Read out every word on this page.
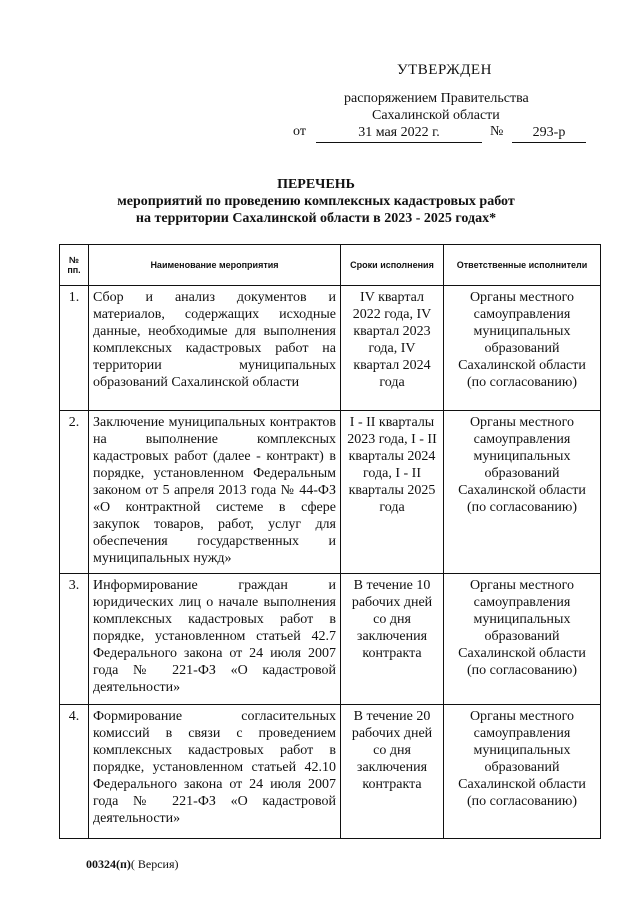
УТВЕРЖДЕН
распоряжением Правительства
Сахалинской области
от	31 мая 2022 г.	№	293-р
ПЕРЕЧЕНЬ
мероприятий по проведению комплексных кадастровых работ
на территории Сахалинской области в 2023 - 2025 годах*
№ пп.	Наименование мероприятия	Сроки исполнения	Ответственные исполнители
1.	Сбор и анализ документов и материалов, содержащих исходные данные, необходимые для выполнения комплексных кадастровых работ на территории муниципальных образований Сахалинской области	IV квартал 2022 года, IV квартал 2023 года, IV квартал 2024 года	Органы местного самоуправления муниципальных образований Сахалинской области (по согласованию)
2.	Заключение муниципальных контрактов на выполнение комплексных кадастровых работ (далее - контракт) в порядке, установленном Федеральным законом от 5 апреля 2013 года № 44-ФЗ «О контрактной системе в сфере закупок товаров, работ, услуг для обеспечения государственных и муниципальных нужд»	I - II кварталы 2023 года, I - II кварталы 2024 года, I - II кварталы 2025 года	Органы местного самоуправления муниципальных образований Сахалинской области (по согласованию)
3.	Информирование граждан и юридических лиц о начале выполнения комплексных кадастровых работ в порядке, установленном статьей 42.7 Федерального закона от 24 июля 2007 года № 221-ФЗ «О кадастровой деятельности»	В течение 10 рабочих дней со дня заключения контракта	Органы местного самоуправления муниципальных образований Сахалинской области (по согласованию)
4.	Формирование согласительных комиссий в связи с проведением комплексных кадастровых работ в порядке, установленном статьей 42.10 Федерального закона от 24 июля 2007 года № 221-ФЗ «О кадастровой деятельности»	В течение 20 рабочих дней со дня заключения контракта	Органы местного самоуправления муниципальных образований Сахалинской области (по согласованию)
00324(п)( Версия)
